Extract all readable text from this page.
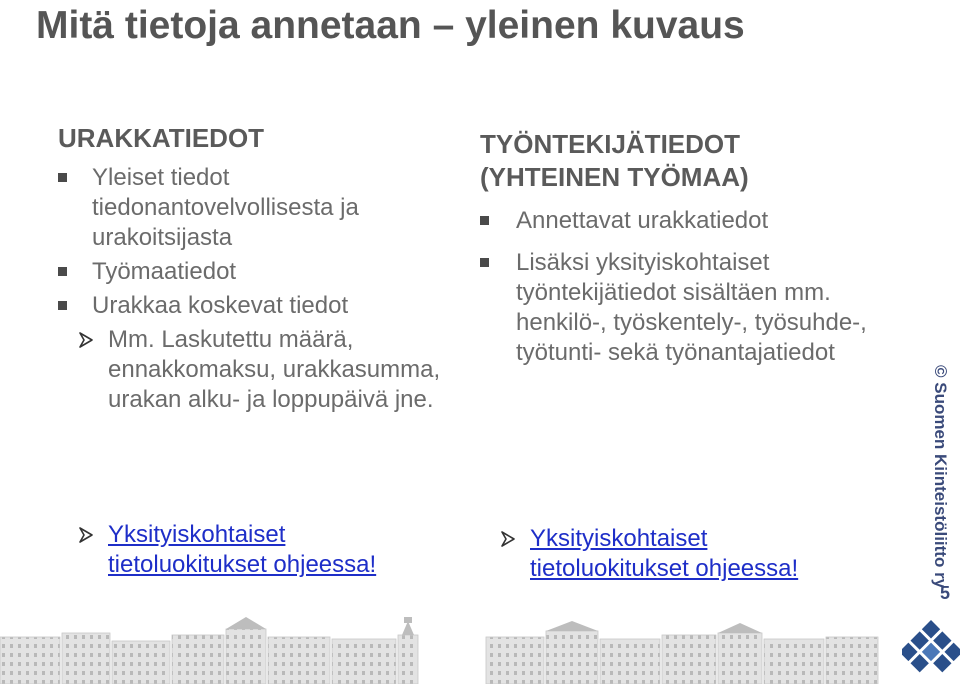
Mitä tietoja annetaan – yleinen kuvaus
URAKKATIEDOT
Yleiset tiedot tiedonantovelvollisesta ja urakoitsijasta
Työmaatiedot
Urakkaa koskevat tiedot
Mm. Laskutettu määrä, ennakkomaksu, urakkasumma, urakan alku- ja loppupäivä jne.
Yksityiskohtaiset
tietoluokitukset ohjeessa!
TYÖNTEKIJÄTIEDOT
(YHTEINEN TYÖMAA)
Annettavat urakkatiedot
Lisäksi yksityiskohtaiset työntekijätiedot sisältäen mm. henkilö-, työskentely-, työsuhde-, työtunti- sekä työnantajatiedot
Yksityiskohtaiset
tietoluokitukset ohjeessa!	© Suomen Kiinteistöliitto ry
5
